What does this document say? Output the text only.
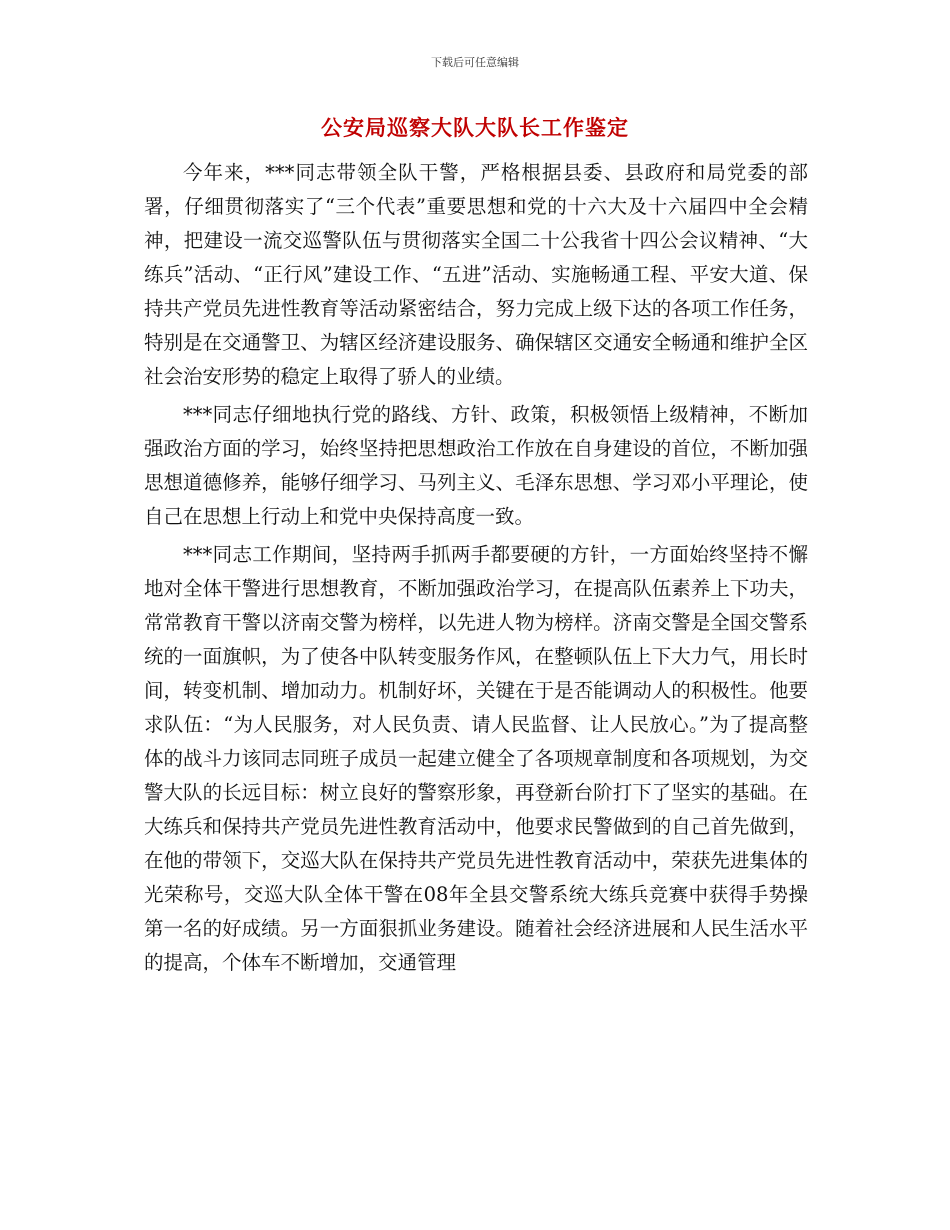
下载后可任意编辑
公安局巡察大队大队长工作鉴定

今年来，***同志带领全队干警，严格根据县委、县政府和局党委的部署，仔细贯彻落实了“三个代表”重要思想和党的十六大及十六届四中全会精神，把建设一流交巡警队伍与贯彻落实全国二十公我省十四公会议精神、“大练兵”活动、“正行风”建设工作、“五进”活动、实施畅通工程、平安大道、保持共产党员先进性教育等活动紧密结合，努力完成上级下达的各项工作任务，特别是在交通警卫、为辖区经济建设服务、确保辖区交通安全畅通和维护全区社会治安形势的稳定上取得了骄人的业绩。

***同志仔细地执行党的路线、方针、政策，积极领悟上级精神，不断加强政治方面的学习，始终坚持把思想政治工作放在自身建设的首位，不断加强思想道德修养，能够仔细学习、马列主义、毛泽东思想、学习邓小平理论，使自己在思想上行动上和党中央保持高度一致。

***同志工作期间，坚持两手抓两手都要硬的方针，一方面始终坚持不懈地对全体干警进行思想教育，不断加强政治学习，在提高队伍素养上下功夫，常常教育干警以济南交警为榜样，以先进人物为榜样。济南交警是全国交警系统的一面旗帜，为了使各中队转变服务作风，在整顿队伍上下大力气，用长时间，转变机制、增加动力。机制好坏，关键在于是否能调动人的积极性。他要求队伍：“为人民服务，对人民负责、请人民监督、让人民放心。”为了提高整体的战斗力该同志同班子成员一起建立健全了各项规章制度和各项规划，为交警大队的长远目标：树立良好的警察形象，再登新台阶打下了坚实的基础。在大练兵和保持共产党员先进性教育活动中，他要求民警做到的自己首先做到，在他的带领下，交巡大队在保持共产党员先进性教育活动中，荣获先进集体的光荣称号，交巡大队全体干警在08年全县交警系统大练兵竞赛中获得手势操第一名的好成绩。另一方面狠抓业务建设。随着社会经济进展和人民生活水平的提高，个体车不断增加，交通管理
